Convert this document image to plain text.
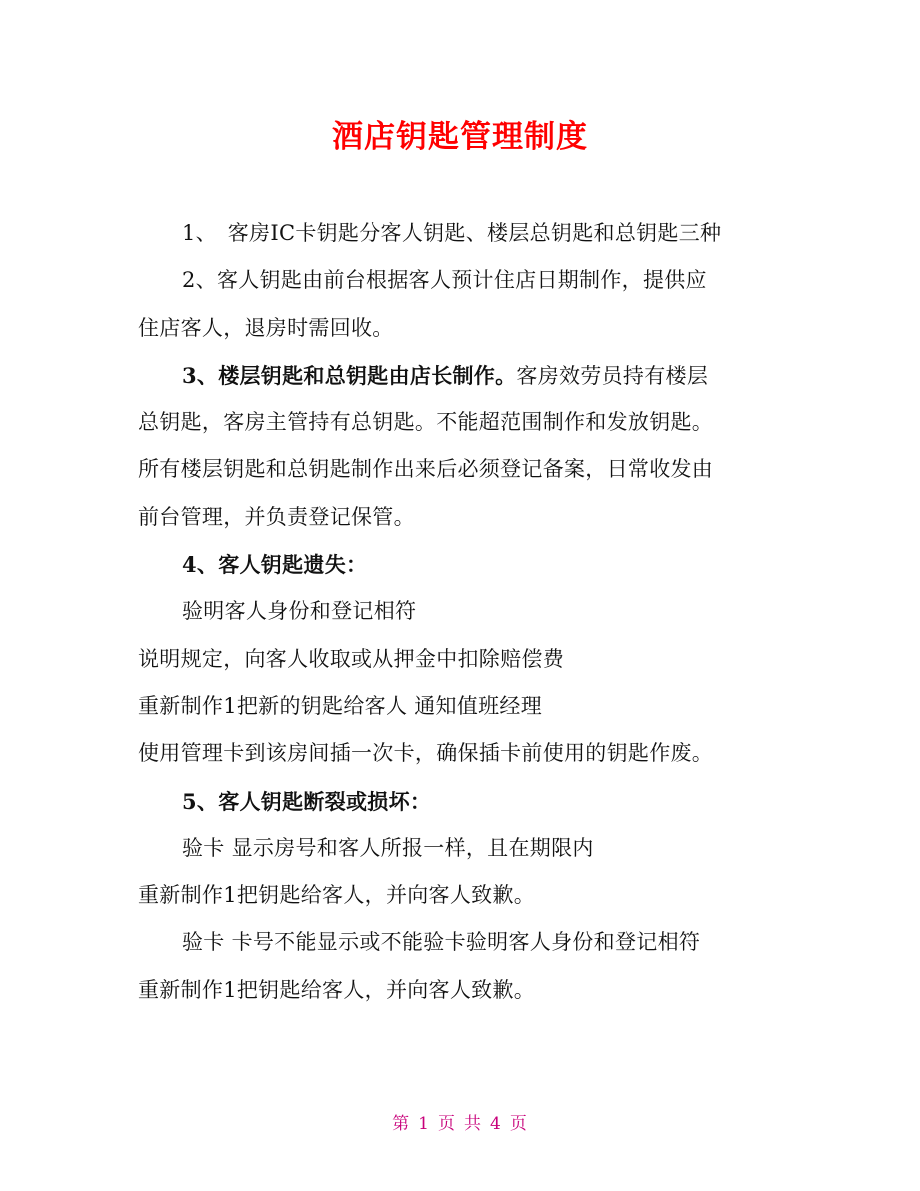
酒店钥匙管理制度
1、　客房IC卡钥匙分客人钥匙、楼层总钥匙和总钥匙三种
2、客人钥匙由前台根据客人预计住店日期制作，提供应
住店客人，退房时需回收。
3、楼层钥匙和总钥匙由店长制作。客房效劳员持有楼层
总钥匙，客房主管持有总钥匙。不能超范围制作和发放钥匙。
所有楼层钥匙和总钥匙制作出来后必须登记备案，日常收发由
前台管理，并负责登记保管。
4、客人钥匙遗失：
验明客人身份和登记相符
说明规定，向客人收取或从押金中扣除赔偿费
重新制作1把新的钥匙给客人 通知值班经理
使用管理卡到该房间插一次卡，确保插卡前使用的钥匙作废。
5、客人钥匙断裂或损坏：
验卡 显示房号和客人所报一样，且在期限内
重新制作1把钥匙给客人，并向客人致歉。
验卡 卡号不能显示或不能验卡验明客人身份和登记相符
重新制作1把钥匙给客人，并向客人致歉。
第 1 页 共 4 页
